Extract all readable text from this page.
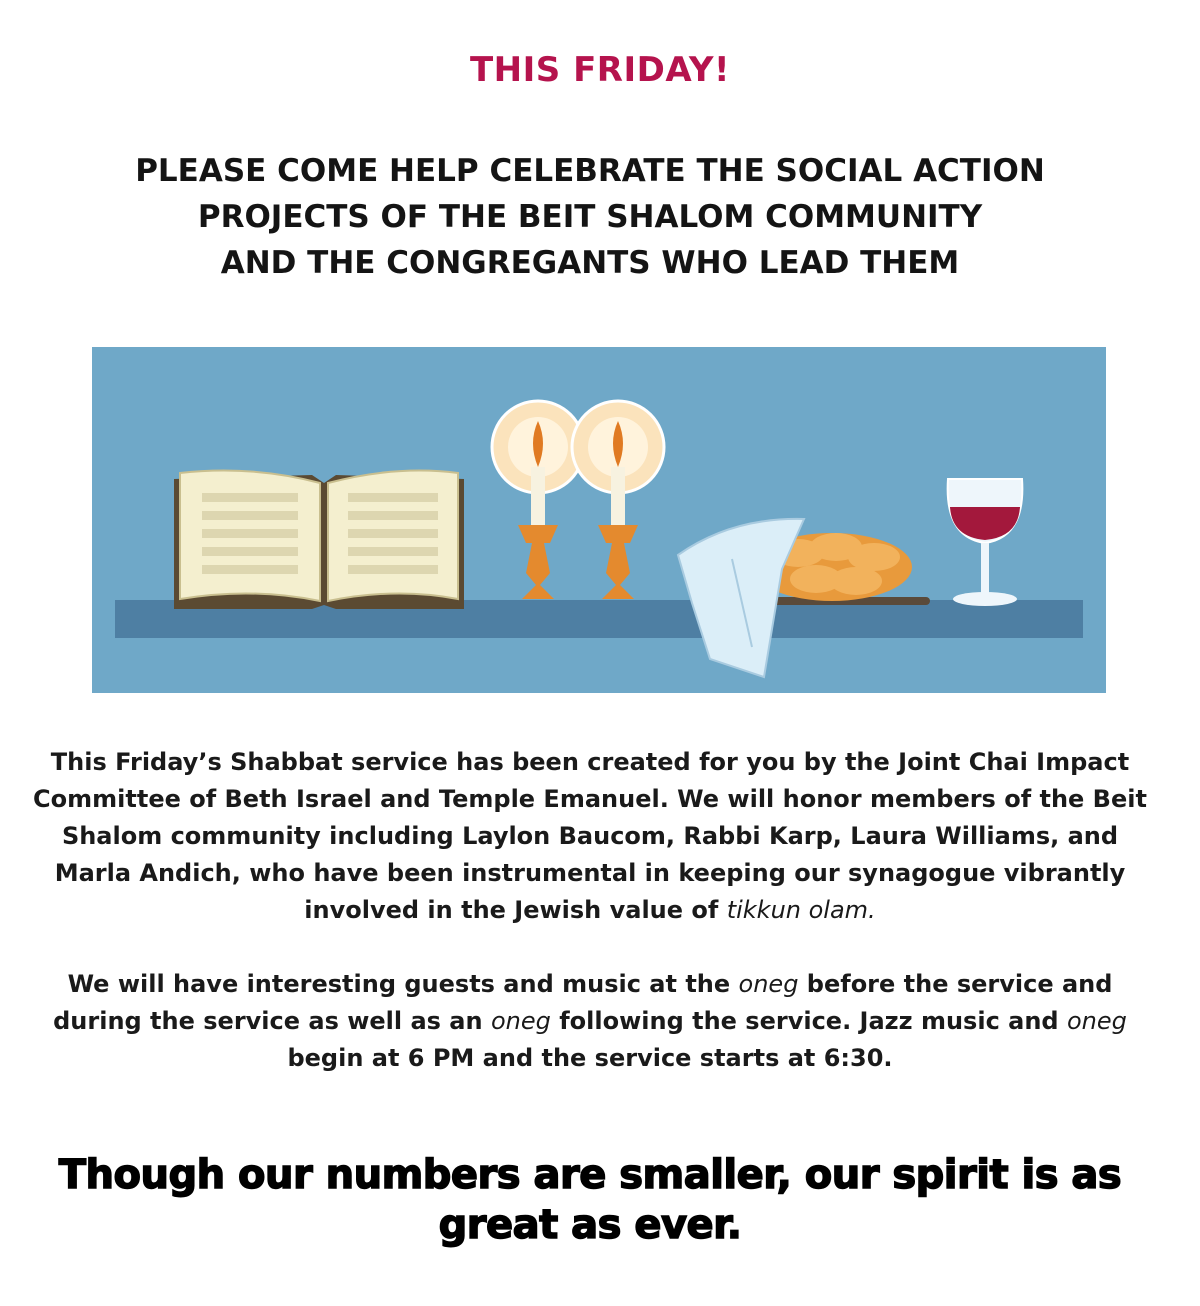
THIS FRIDAY!
PLEASE COME HELP CELEBRATE THE SOCIAL ACTION
PROJECTS OF THE BEIT SHALOM COMMUNITY
AND THE CONGREGANTS WHO LEAD THEM
This Friday’s Shabbat service has been created for you by the Joint Chai Impact Committee of Beth Israel and Temple Emanuel. We will honor members of the Beit Shalom community including Laylon Baucom, Rabbi Karp, Laura Williams, and Marla Andich, who have been instrumental in keeping our synagogue vibrantly involved in the Jewish value of tikkun olam.
We will have interesting guests and music at the oneg before the service and during the service as well as an oneg following the service. Jazz music and oneg begin at 6 PM and the service starts at 6:30.
Though our numbers are smaller, our spirit is as great as ever.
